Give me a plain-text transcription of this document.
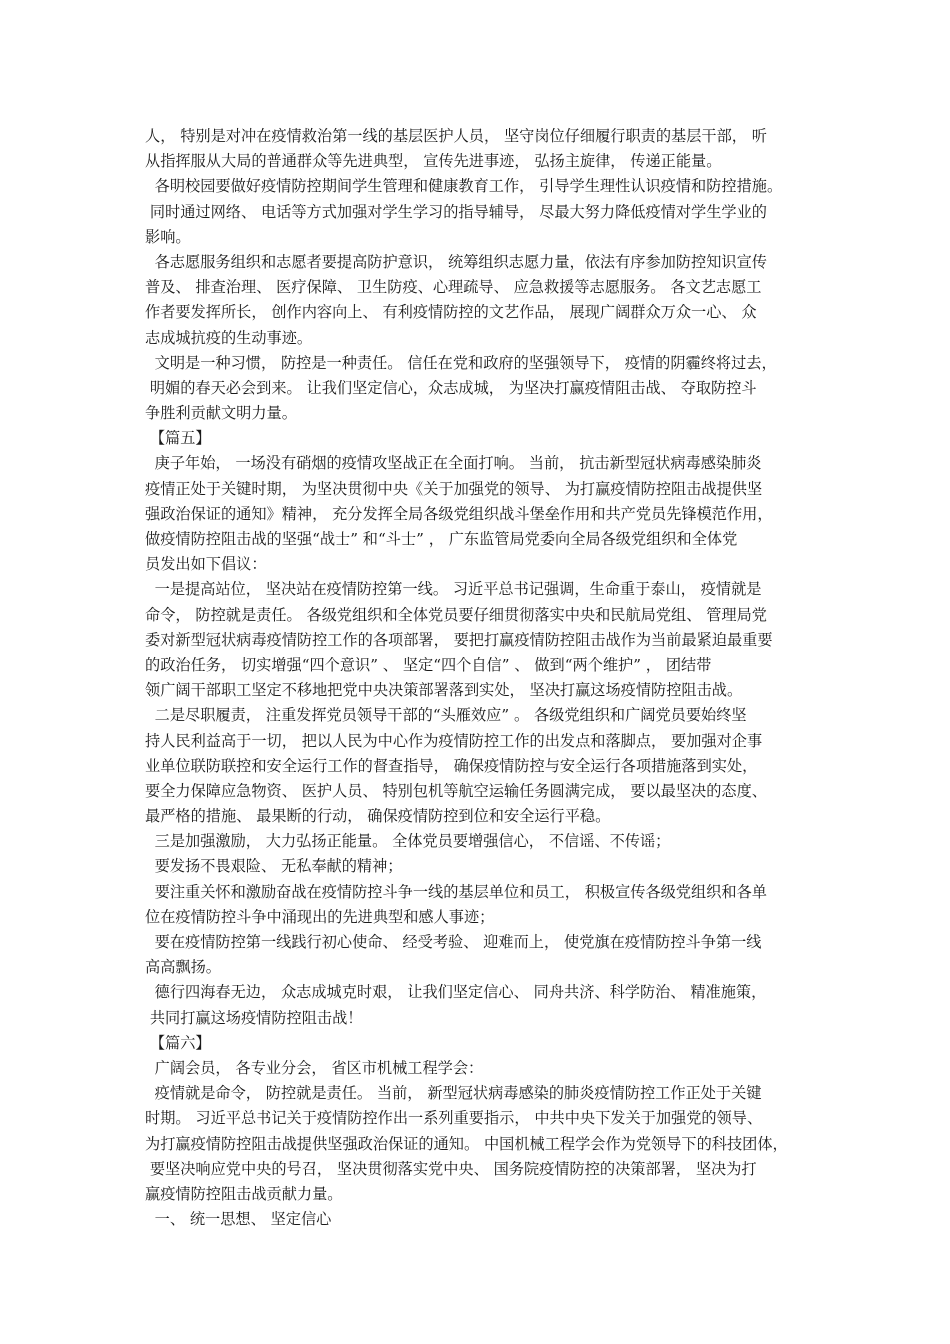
人， 特别是对冲在疫情救治第一线的基层医护人员， 坚守岗位仔细履行职责的基层干部， 听
从指挥服从大局的普通群众等先进典型， 宣传先进事迹， 弘扬主旋律， 传递正能量。
各明校园要做好疫情防控期间学生管理和健康教育工作， 引导学生理性认识疫情和防控措施。
同时通过网络、 电话等方式加强对学生学习的指导辅导， 尽最大努力降低疫情对学生学业的
影响。
各志愿服务组织和志愿者要提高防护意识， 统筹组织志愿力量，依法有序参加防控知识宣传
普及、 排查治理、 医疗保障、 卫生防疫、心理疏导、 应急救援等志愿服务。 各文艺志愿工
作者要发挥所长， 创作内容向上、 有利疫情防控的文艺作品， 展现广阔群众万众一心、 众
志成城抗疫的生动事迹。
文明是一种习惯， 防控是一种责任。 信任在党和政府的坚强领导下， 疫情的阴霾终将过去，
明媚的春天必会到来。 让我们坚定信心，众志成城， 为坚决打赢疫情阻击战、 夺取防控斗
争胜利贡献文明力量。
【篇五】
庚子年始， 一场没有硝烟的疫情攻坚战正在全面打响。 当前， 抗击新型冠状病毒感染肺炎
疫情正处于关键时期， 为坚决贯彻中央《关于加强党的领导、 为打赢疫情防控阻击战提供坚
强政治保证的通知》精神， 充分发挥全局各级党组织战斗堡垒作用和共产党员先锋模范作用，
做疫情防控阻击战的坚强“战士” 和“斗士” ， 广东监管局党委向全局各级党组织和全体党
员发出如下倡议：
一是提高站位， 坚决站在疫情防控第一线。 习近平总书记强调，生命重于泰山， 疫情就是
命令， 防控就是责任。 各级党组织和全体党员要仔细贯彻落实中央和民航局党组、 管理局党
委对新型冠状病毒疫情防控工作的各项部署， 要把打赢疫情防控阻击战作为当前最紧迫最重要
的政治任务， 切实增强“四个意识” 、 坚定“四个自信” 、 做到“两个维护” ， 团结带
领广阔干部职工坚定不移地把党中央决策部署落到实处， 坚决打赢这场疫情防控阻击战。
二是尽职履责， 注重发挥党员领导干部的“头雁效应” 。 各级党组织和广阔党员要始终坚
持人民利益高于一切， 把以人民为中心作为疫情防控工作的出发点和落脚点， 要加强对企事
业单位联防联控和安全运行工作的督查指导， 确保疫情防控与安全运行各项措施落到实处，
要全力保障应急物资、 医护人员、 特别包机等航空运输任务圆满完成， 要以最坚决的态度、
最严格的措施、 最果断的行动， 确保疫情防控到位和安全运行平稳。
三是加强激励， 大力弘扬正能量。 全体党员要增强信心， 不信谣、不传谣；
要发扬不畏艰险、 无私奉献的精神；
要注重关怀和激励奋战在疫情防控斗争一线的基层单位和员工， 积极宣传各级党组织和各单
位在疫情防控斗争中涌现出的先进典型和感人事迹；
要在疫情防控第一线践行初心使命、 经受考验、 迎难而上， 使党旗在疫情防控斗争第一线
高高飘扬。
德行四海春无边， 众志成城克时艰， 让我们坚定信心、 同舟共济、科学防治、 精准施策，
共同打赢这场疫情防控阻击战！
【篇六】
广阔会员， 各专业分会， 省区市机械工程学会：
疫情就是命令， 防控就是责任。 当前， 新型冠状病毒感染的肺炎疫情防控工作正处于关键
时期。 习近平总书记关于疫情防控作出一系列重要指示， 中共中央下发关于加强党的领导、
为打赢疫情防控阻击战提供坚强政治保证的通知。 中国机械工程学会作为党领导下的科技团体，
要坚决响应党中央的号召， 坚决贯彻落实党中央、 国务院疫情防控的决策部署， 坚决为打
赢疫情防控阻击战贡献力量。
一、 统一思想、 坚定信心
